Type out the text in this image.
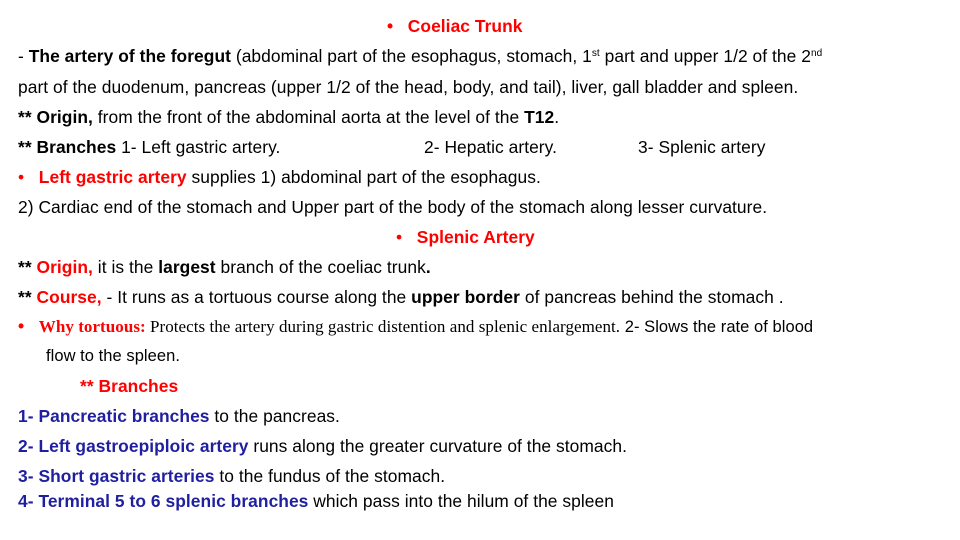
• Coeliac Trunk
- The artery of the foregut (abdominal part of the esophagus, stomach, 1st part and upper 1/2 of the 2nd
part of the duodenum, pancreas (upper 1/2 of the head, body, and tail), liver, gall bladder and spleen.
** Origin, from the front of the abdominal aorta at the level of the T12.
** Branches 1- Left gastric artery.	2- Hepatic artery.	3- Splenic artery
• Left gastric artery supplies 1) abdominal part of the esophagus.
2) Cardiac end of the stomach and Upper part of the body of the stomach along lesser curvature.
• Splenic Artery
** Origin, it is the largest branch of the coeliac trunk.
** Course, - It runs as a tortuous course along the upper border of pancreas behind the stomach .
• Why tortuous: Protects the artery during gastric distention and splenic enlargement. 2- Slows the rate of blood
flow to the spleen.
** Branches
1- Pancreatic branches to the pancreas.
2- Left gastroepiploic artery runs along the greater curvature of the stomach.
3- Short gastric arteries to the fundus of the stomach.
4- Terminal 5 to 6 splenic branches which pass into the hilum of the spleen
